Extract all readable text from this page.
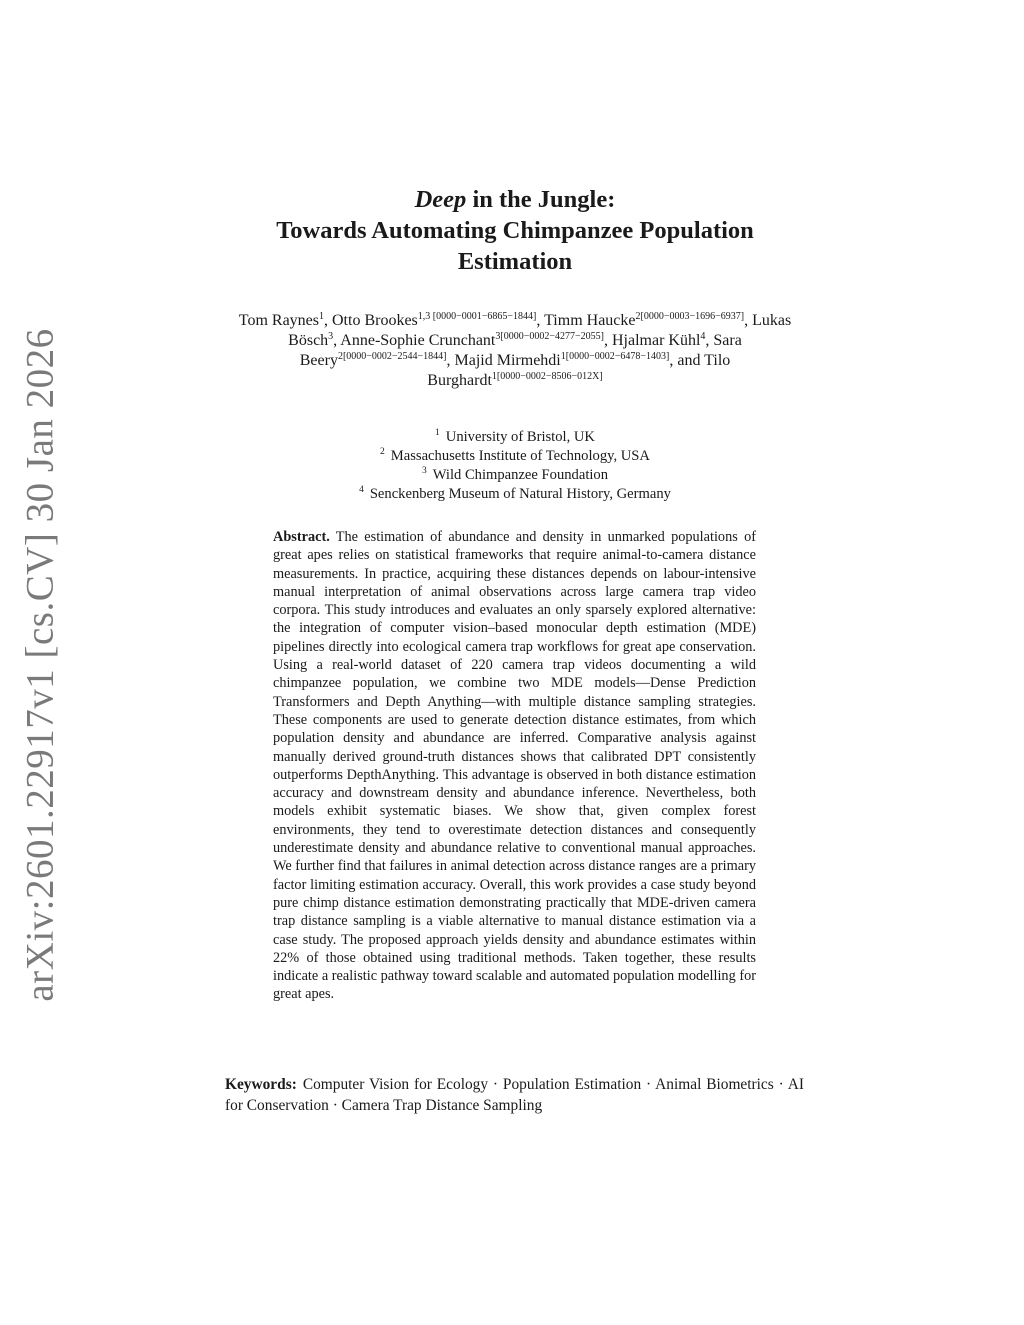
arXiv:2601.22917v1 [cs.CV] 30 Jan 2026
Deep in the Jungle:
Towards Automating Chimpanzee Population
Estimation
Tom Raynes$^1$, Otto Brookes$^{1,3 [0000-0001-6865-1844]}$, Timm Haucke$^{2[0000-0003-1696-6937]}$, Lukas Bösch$^3$, Anne-Sophie Crunchant$^{3[0000-0002-4277-2055]}$, Hjalmar Kühl$^4$, Sara Beery$^{2[0000-0002-2544-1844]}$, Majid Mirmehdi$^{1[0000-0002-6478-1403]}$, and Tilo Burghardt$^{1[0000-0002-8506-012X]}$
$^1$ University of Bristol, UK
$^2$ Massachusetts Institute of Technology, USA
$^3$ Wild Chimpanzee Foundation
$^4$ Senckenberg Museum of Natural History, Germany
Abstract. The estimation of abundance and density in unmarked populations of great apes relies on statistical frameworks that require animal-to-camera distance measurements. In practice, acquiring these distances depends on labour-intensive manual interpretation of animal observations across large camera trap video corpora. This study introduces and evaluates an only sparsely explored alternative: the integration of computer vision–based monocular depth estimation (MDE) pipelines directly into ecological camera trap workflows for great ape conservation. Using a real-world dataset of 220 camera trap videos documenting a wild chimpanzee population, we combine two MDE models—Dense Prediction Transformers and Depth Anything—with multiple distance sampling strategies. These components are used to generate detection distance estimates, from which population density and abundance are inferred. Comparative analysis against manually derived ground-truth distances shows that calibrated DPT consistently outperforms DepthAnything. This advantage is observed in both distance estimation accuracy and downstream density and abundance inference. Nevertheless, both models exhibit systematic biases. We show that, given complex forest environments, they tend to overestimate detection distances and consequently underestimate density and abundance relative to conventional manual approaches. We further find that failures in animal detection across distance ranges are a primary factor limiting estimation accuracy. Overall, this work provides a case study beyond pure chimp distance estimation demonstrating practically that MDE-driven camera trap distance sampling is a viable alternative to manual distance estimation via a case study. The proposed approach yields density and abundance estimates within 22% of those obtained using traditional methods. Taken together, these results indicate a realistic pathway toward scalable and automated population modelling for great apes.
Keywords: Computer Vision for Ecology · Population Estimation · Animal Biometrics · AI for Conservation · Camera Trap Distance Sampling
